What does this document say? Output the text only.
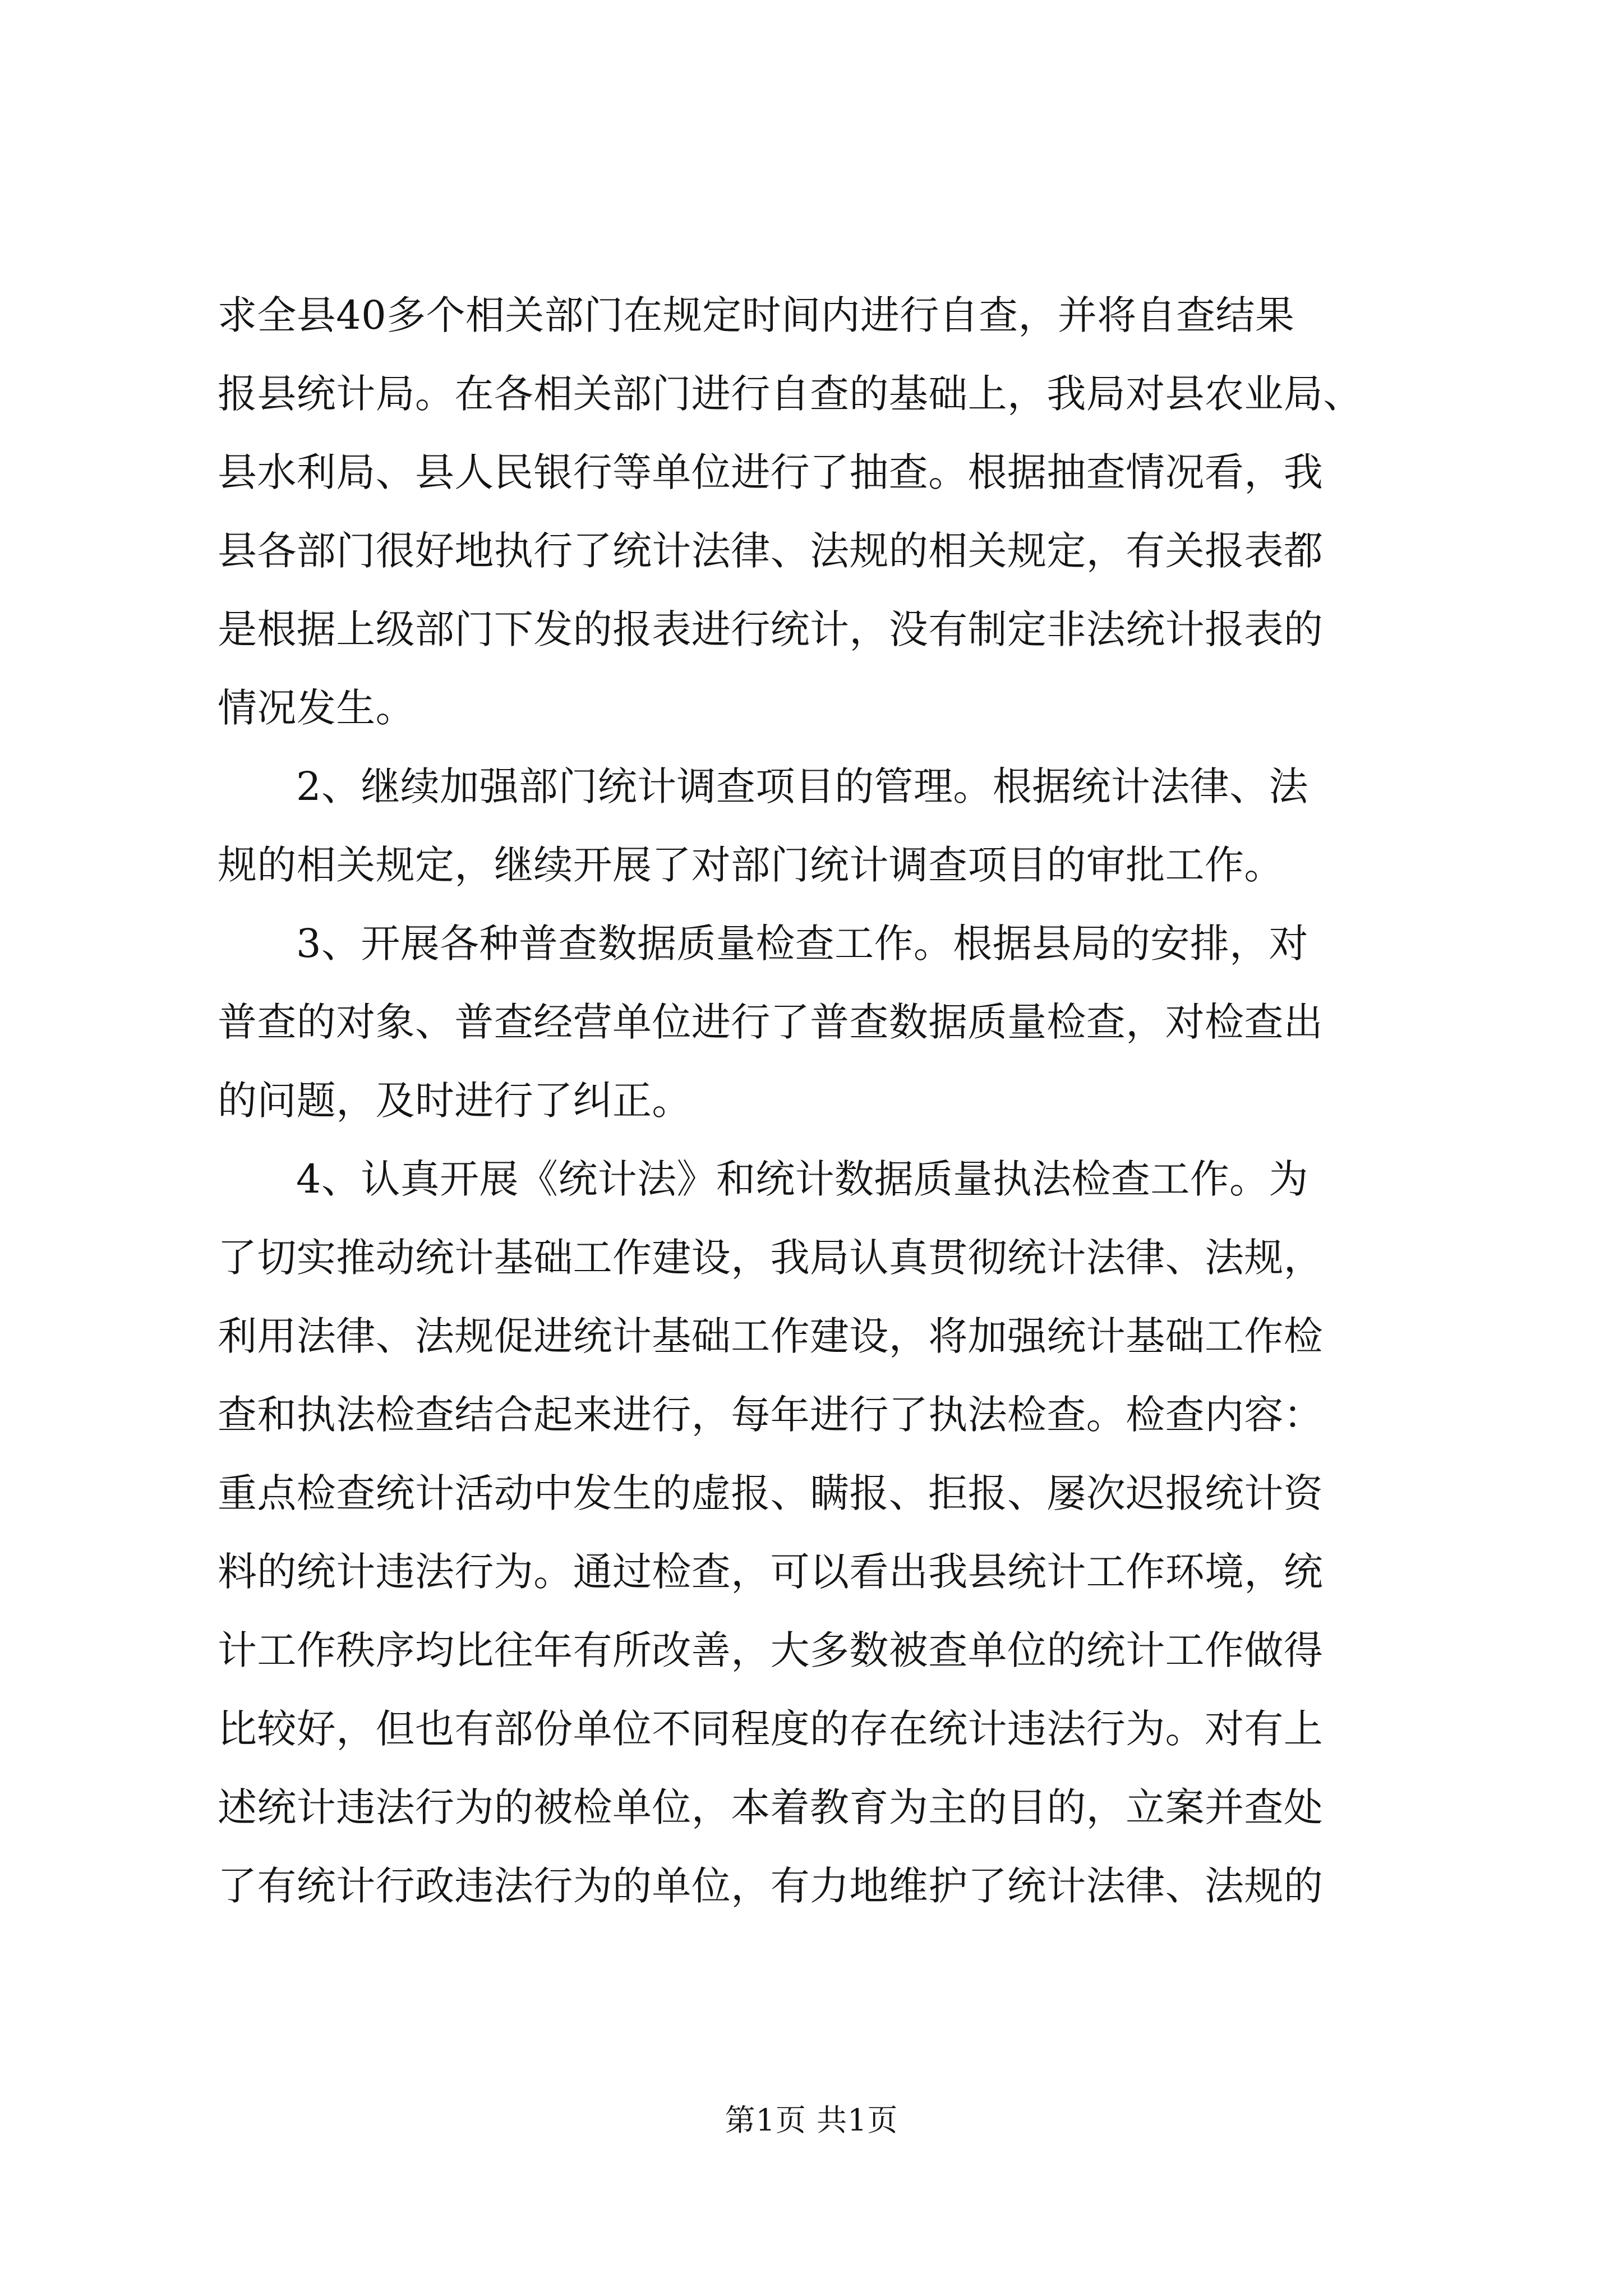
求全县40多个相关部门在规定时间内进行自查，并将自查结果
报县统计局。在各相关部门进行自查的基础上，我局对县农业局、
县水利局、县人民银行等单位进行了抽查。根据抽查情况看，我
县各部门很好地执行了统计法律、法规的相关规定，有关报表都
是根据上级部门下发的报表进行统计，没有制定非法统计报表的
情况发生。
2、继续加强部门统计调查项目的管理。根据统计法律、法
规的相关规定，继续开展了对部门统计调查项目的审批工作。
3、开展各种普查数据质量检查工作。根据县局的安排，对
普查的对象、普查经营单位进行了普查数据质量检查，对检查出
的问题，及时进行了纠正。
4、认真开展《统计法》和统计数据质量执法检查工作。为
了切实推动统计基础工作建设，我局认真贯彻统计法律、法规，
利用法律、法规促进统计基础工作建设，将加强统计基础工作检
查和执法检查结合起来进行，每年进行了执法检查。检查内容：
重点检查统计活动中发生的虚报、瞒报、拒报、屡次迟报统计资
料的统计违法行为。通过检查，可以看出我县统计工作环境，统
计工作秩序均比往年有所改善，大多数被查单位的统计工作做得
比较好，但也有部份单位不同程度的存在统计违法行为。对有上
述统计违法行为的被检单位，本着教育为主的目的，立案并查处
了有统计行政违法行为的单位，有力地维护了统计法律、法规的
第1页 共1页
